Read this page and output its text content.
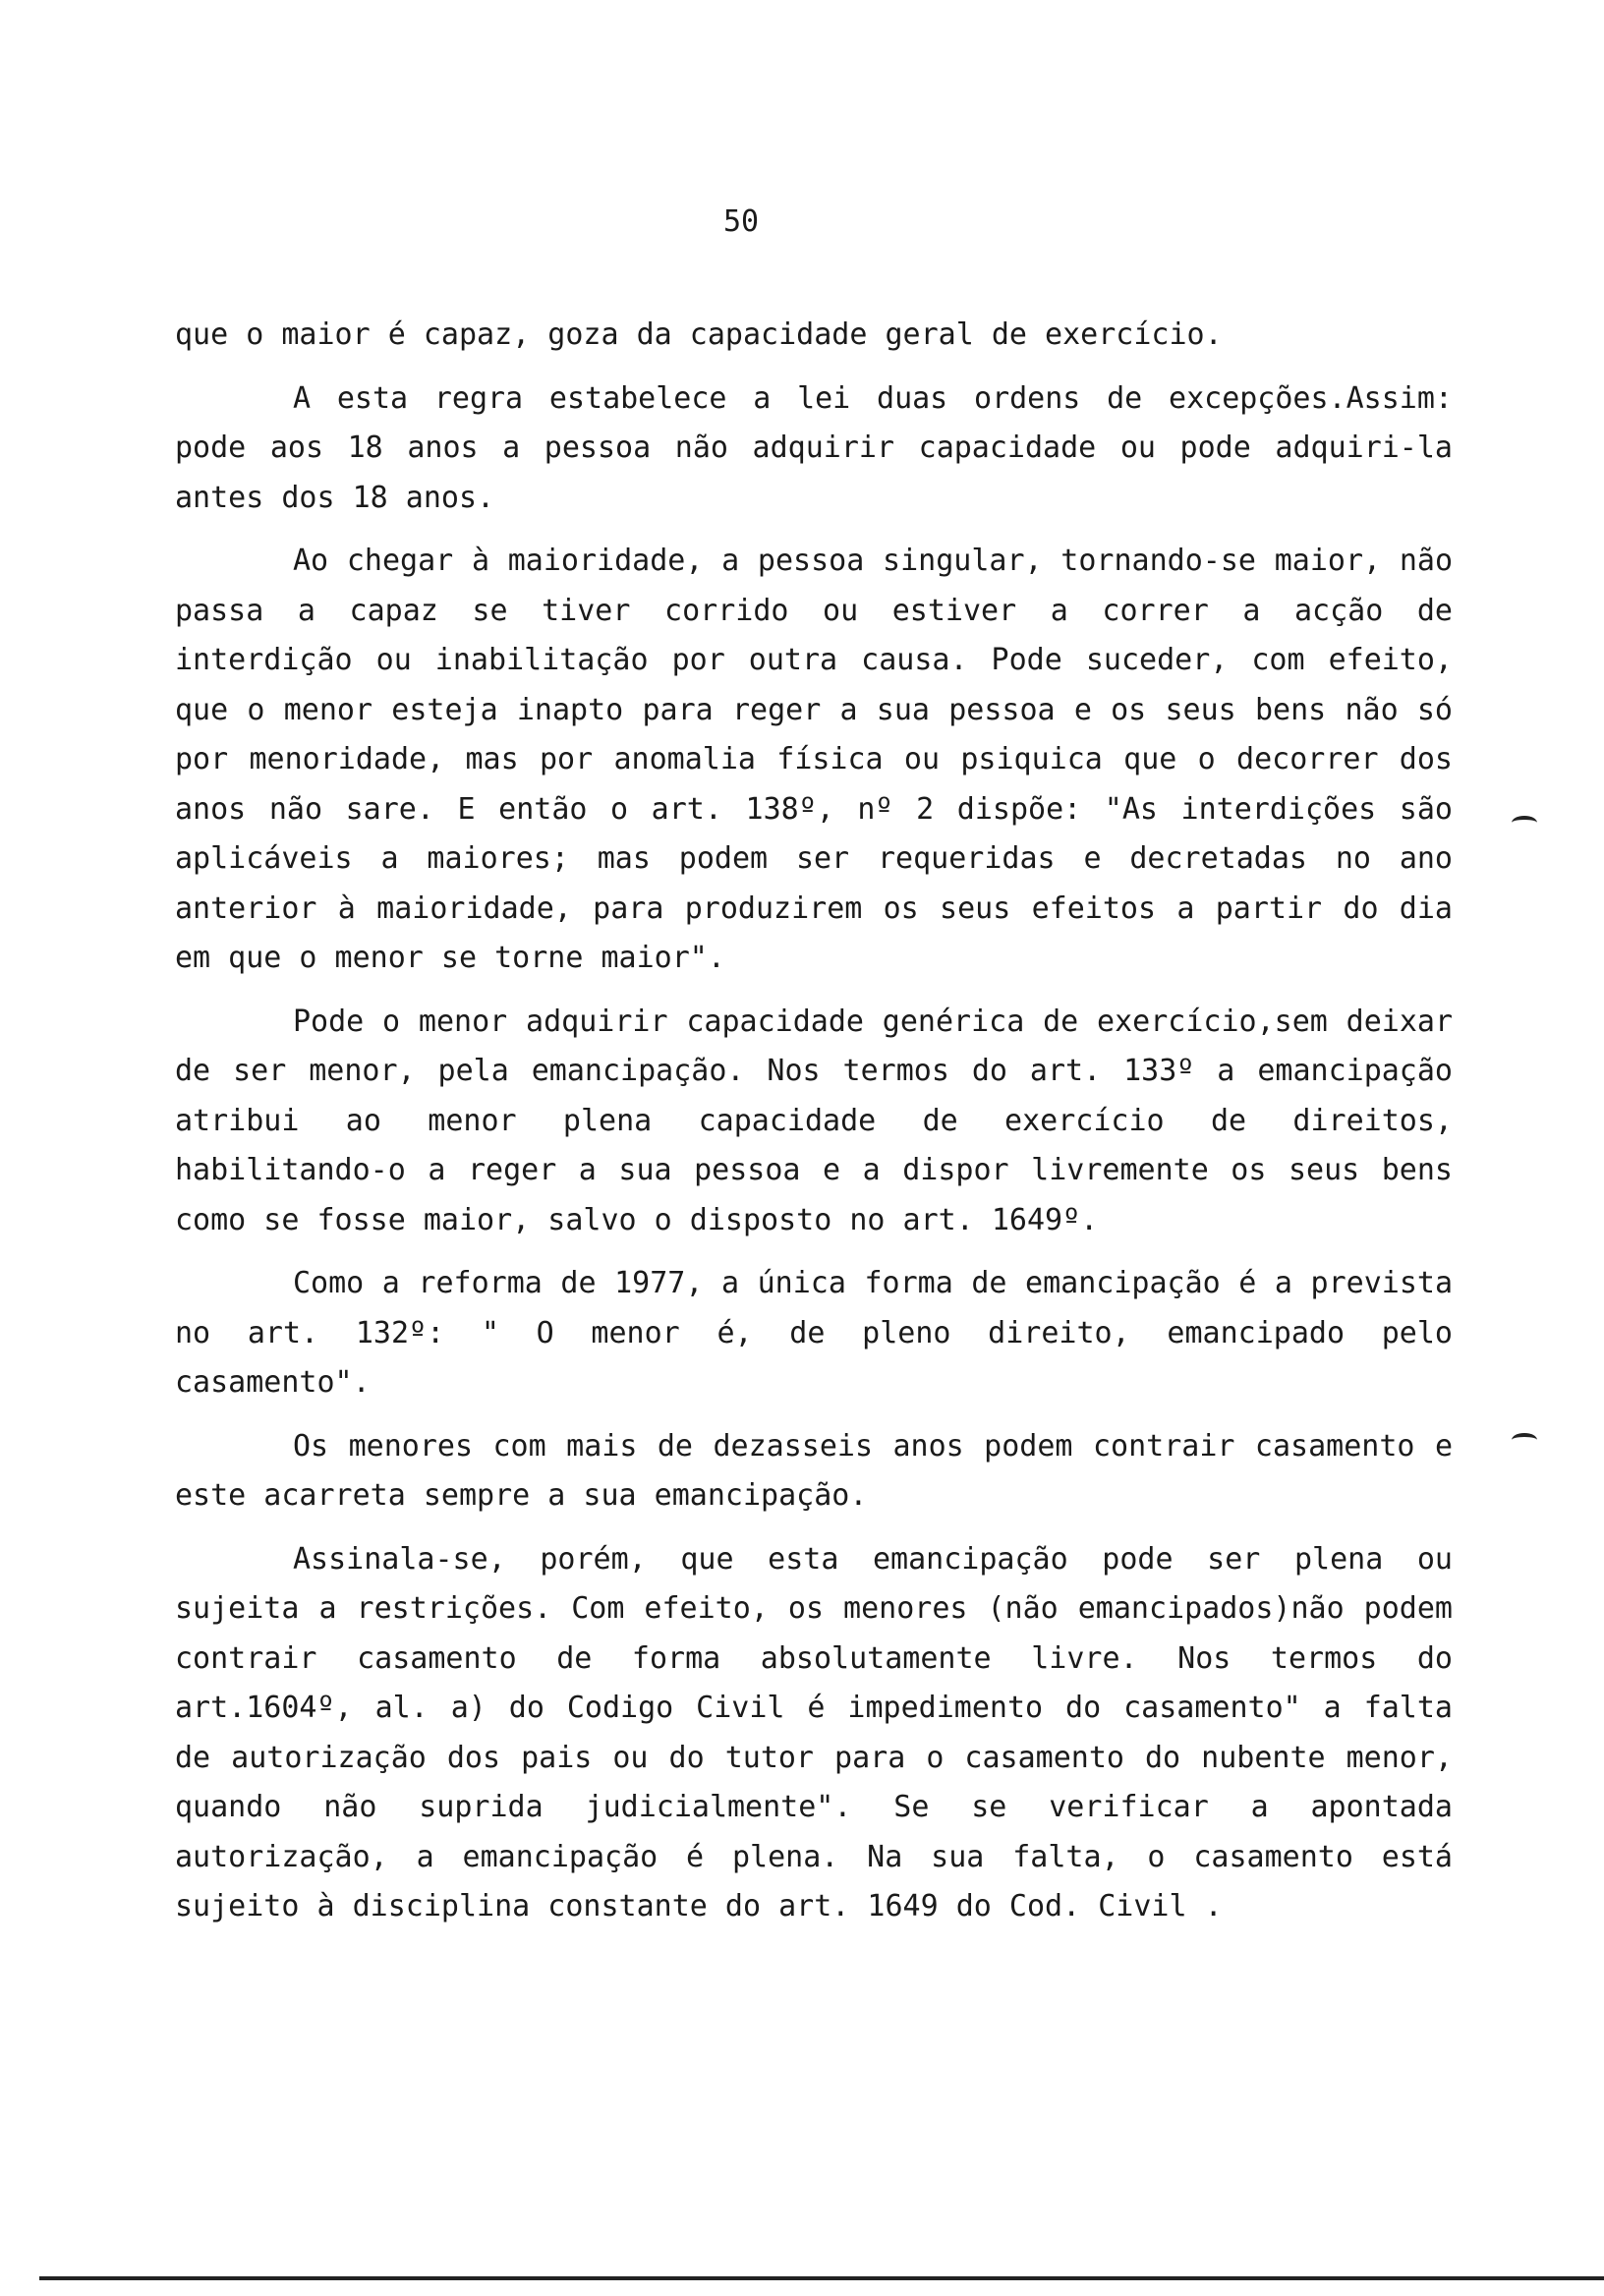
50

que o maior é capaz, goza da capacidade geral de exercício.

A esta regra estabelece a lei duas ordens de excepções.Assim: pode aos 18 anos a pessoa não adquirir capacidade ou pode adquiri-la antes dos 18 anos.

Ao chegar à maioridade, a pessoa singular, tornando-se maior, não passa a capaz se tiver corrido ou estiver a correr a acção de interdição ou inabilitação por outra causa. Pode suceder, com efeito, que o menor esteja inapto para reger a sua pessoa e os seus bens não só por menoridade, mas por anomalia física ou psiquica que o decorrer dos anos não sare. E então o art. 138º, nº 2 dispõe: "As interdições são aplicáveis a maiores; mas podem ser requeridas e decretadas no ano anterior à maioridade, para produzirem os seus efeitos a partir do dia em que o menor se torne maior".

Pode o menor adquirir capacidade genérica de exercício,sem deixar de ser menor, pela emancipação. Nos termos do art. 133º a emancipação atribui ao menor plena capacidade de exercício de direitos, habilitando-o a reger a sua pessoa e a dispor livremente os seus bens como se fosse maior, salvo o disposto no art. 1649º.

Como a reforma de 1977, a única forma de emancipação é a prevista no art. 132º: " O menor é, de pleno direito, emancipado pelo casamento".

Os menores com mais de dezasseis anos podem contrair casamento e este acarreta sempre a sua emancipação.

Assinala-se, porém, que esta emancipação pode ser plena ou sujeita a restrições. Com efeito, os menores (não emancipados)não podem contrair casamento de forma absolutamente livre. Nos termos do art.1604º, al. a) do Codigo Civil é impedimento do casamento" a falta de autorização dos pais ou do tutor para o casamento do nubente menor, quando não suprida judicialmente". Se se verificar a apontada autorização, a emancipação é plena. Na sua falta, o casamento está sujeito à disciplina constante do art. 1649 do Cod. Civil .
